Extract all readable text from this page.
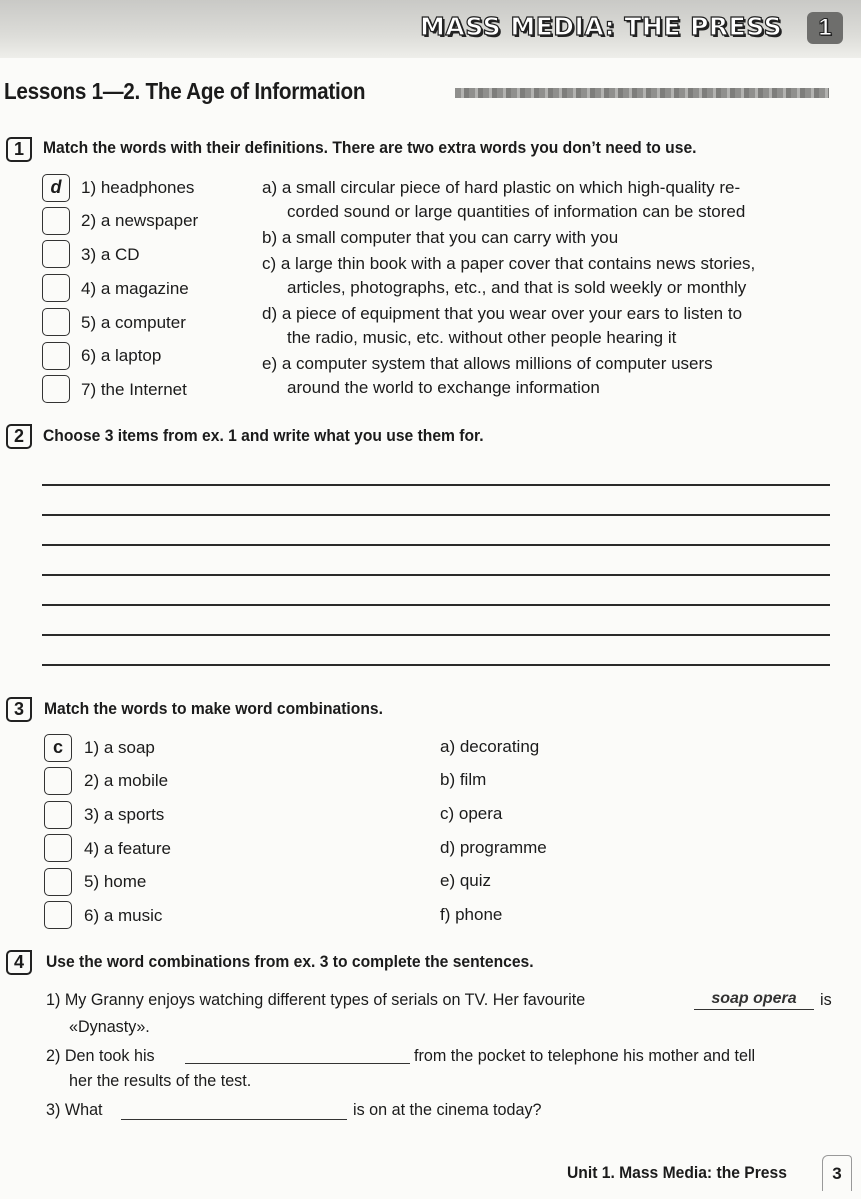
MASS MEDIA: THE PRESS	1
Lessons 1—2. The Age of Information
1	Match the words with their definitions. There are two extra words you don’t need to use.
d	1) headphones
2) a newspaper
3) a CD
4) a magazine
5) a computer
6) a laptop
7) the Internet
a) a small circular piece of hard plastic on which high-quality re-
corded sound or large quantities of information can be stored
b) a small computer that you can carry with you
c) a large thin book with a paper cover that contains news stories,
articles, photographs, etc., and that is sold weekly or monthly
d) a piece of equipment that you wear over your ears to listen to
the radio, music, etc. without other people hearing it
e) a computer system that allows millions of computer users
around the world to exchange information
2	Choose 3 items from ex. 1 and write what you use them for.
3	Match the words to make word combinations.
c	1) a soap
2) a mobile
3) a sports
4) a feature
5) home
6) a music
a) decorating
b) film
c) opera
d) programme
e) quiz
f) phone
4	Use the word combinations from ex. 3 to complete the sentences.
1) My Granny enjoys watching different types of serials on TV. Her favourite	soap opera	is
«Dynasty».
2) Den took his	from the pocket to telephone his mother and tell
her the results of the test.
3) What	is on at the cinema today?
Unit 1. Mass Media: the Press	3
